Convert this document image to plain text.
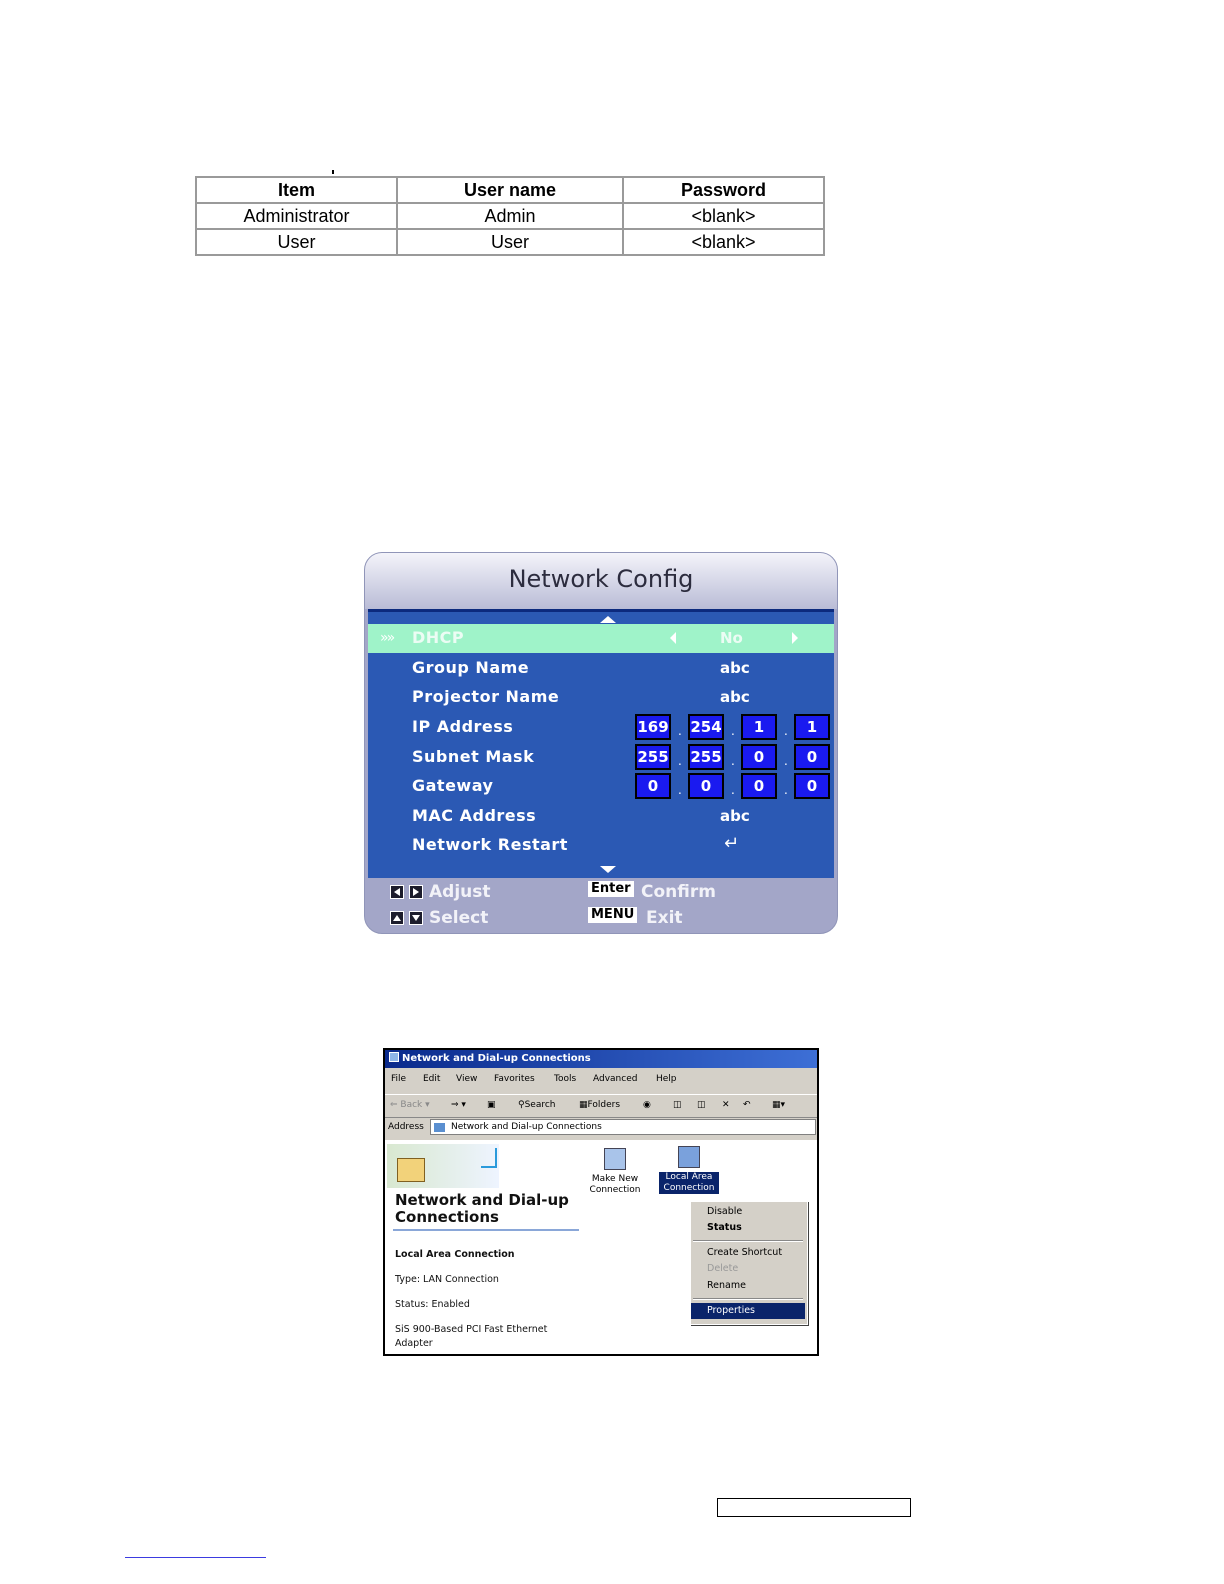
Item	User name	Password
Administrator	Admin	<blank>
User	User	<blank>
Network Config
»» DHCP	No
Group Name	abc
Projector Name	abc
IP Address	169 . 254 .	1	.	1
Subnet Mask	255 . 255 .	0	.	0
Gateway	0	.	0	.	0	.	0
MAC Address	abc
Network Restart	↵
Adjust
Select
Enter Confirm
MENU Exit
Network and Dial-up Connections
File Edit View Favorites Tools Advanced Help
⇐ Back ▾ ⇒ ▾ ▣ ⚲Search	▦Folders	◉ ◫ ◫ ✕ ↶ ▦▾
Address	Network and Dial-up Connections
Network and Dial-up Connections
Local Area Connection
Type: LAN Connection
Status: Enabled
SiS 900-Based PCI Fast Ethernet
Adapter
Make New
Connection
Local Area
Connection
Disable
Status
Create Shortcut
Delete
Rename
Properties
